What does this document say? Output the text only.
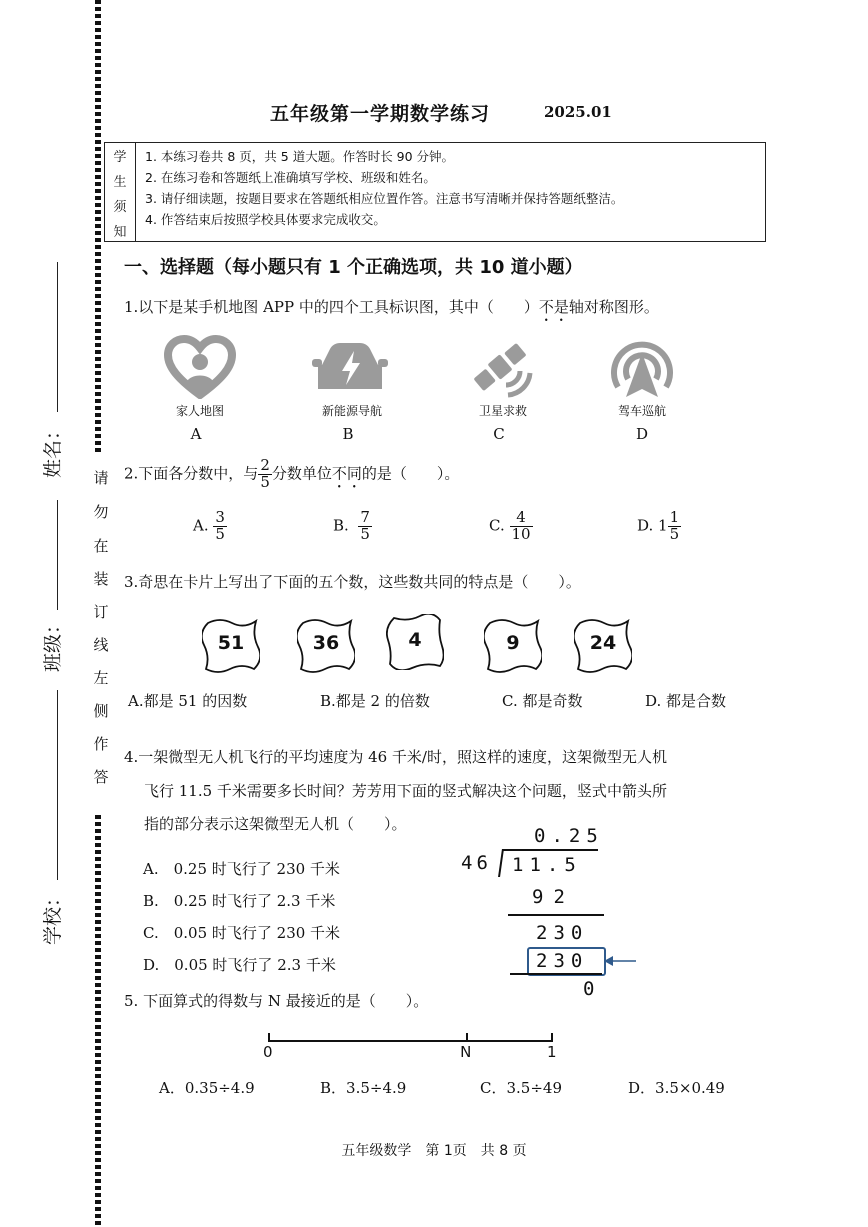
姓名：
班级：
学校：
请
勿
在
装
订
线
左
侧
作
答
五年级第一学期数学练习	2025.01
学
生
须
知
1. 本练习卷共 8 页，共 5 道大题。作答时长 90 分钟。
2. 在练习卷和答题纸上准确填写学校、班级和姓名。
3. 请仔细读题，按题目要求在答题纸相应位置作答。注意书写清晰并保持答题纸整洁。
4. 作答结束后按照学校具体要求完成收交。
一、选择题（每小题只有 1 个正确选项，共 10 道小题）
1.以下是某手机地图 APP 中的四个工具标识图，其中（　　）不是轴对称图形。
家人地图	新能源导航	卫星求救	驾车巡航
A	B	C	D
2.下面各分数中，与 $\frac{2}{5}$ 分数单位不同的是（　　）。
A. $\frac{3}{5}$	B. $\frac{7}{5}$	C. $\frac{4}{10}$	D. $1 \frac{1}{5}$
3.奇思在卡片上写出了下面的五个数，这些数共同的特点是（　　）。
51	36	4	9	24
A.都是 51 的因数	B.都是 2 的倍数	C. 都是奇数	D. 都是合数
4.一架微型无人机飞行的平均速度为 46 千米/时，照这样的速度，这架微型无人机
飞行 11.5 千米需要多长时间？芳芳用下面的竖式解决这个问题，竖式中箭头所
指的部分表示这架微型无人机（　　）。
A.　0.25 时飞行了 230 千米
B.　0.25 时飞行了 2.3 千米
C.　0.05 时飞行了 230 千米
D.　0.05 时飞行了 2.3 千米
0.25
46 11.5
92
230
230
0
5. 下面算式的得数与 N 最接近的是（　　）。
0	N	1
A．0.35÷4.9	B．3.5÷4.9	C．3.5÷49	D．3.5×0.49
五年级数学　第 1页　共 8 页
